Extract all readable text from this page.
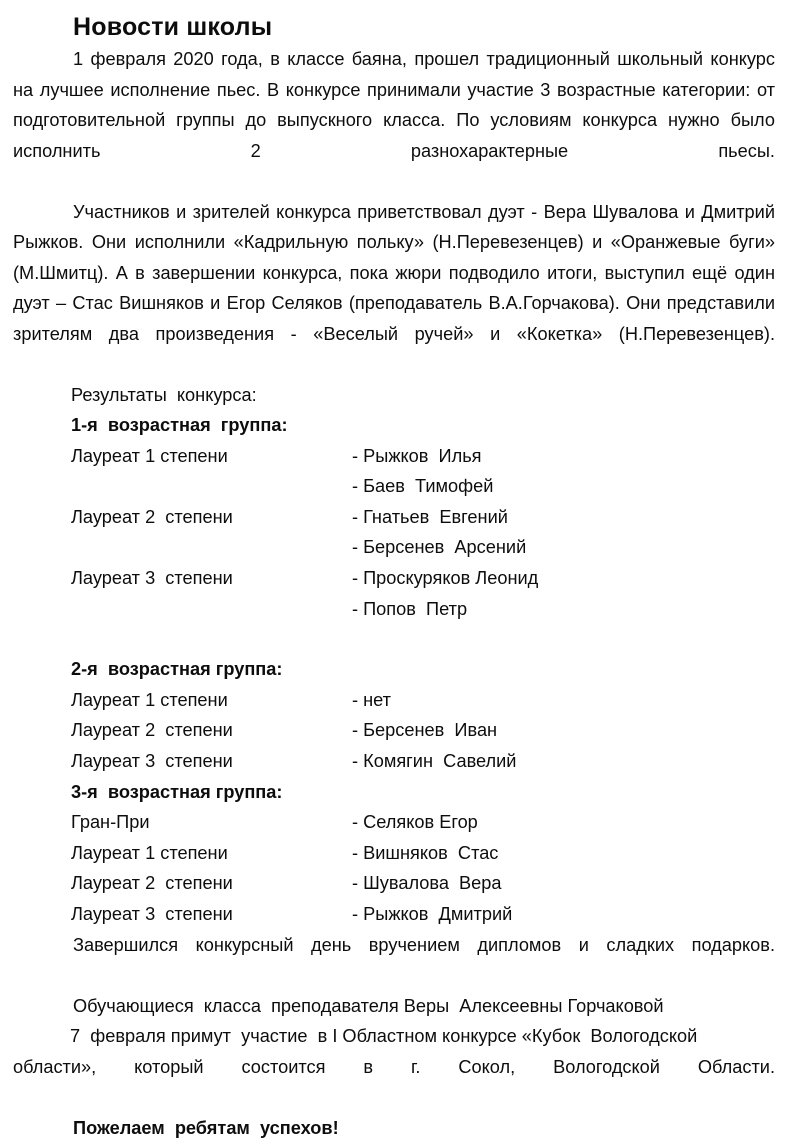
Новости школы

1 февраля 2020 года, в классе баяна, прошел традиционный школьный конкурс на лучшее исполнение пьес. В конкурсе принимали участие 3 возрастные категории: от подготовительной группы до выпускного класса. По условиям конкурса нужно было исполнить 2 разнохарактерные пьесы.

Участников и зрителей конкурса приветствовал дуэт - Вера Шувалова и Дмитрий Рыжков. Они исполнили «Кадрильную польку» (Н.Перевезенцев) и «Оранжевые буги» (М.Шмитц). А в завершении конкурса, пока жюри подводило итоги, выступил ещё один дуэт – Стас Вишняков и Егор Селяков (преподаватель В.А.Горчакова). Они представили зрителям два произведения - «Веселый ручей» и «Кокетка» (Н.Перевезенцев).

Результаты  конкурса:
1-я  возрастная  группа:
Лауреат 1 степени	- Рыжков  Илья
- Баев  Тимофей
Лауреат 2  степени	- Гнатьев  Евгений
- Берсенев  Арсений
Лауреат 3  степени	- Проскуряков Леонид
- Попов  Петр
2-я  возрастная группа:
Лауреат 1 степени	- нет
Лауреат 2  степени	- Берсенев  Иван
Лауреат 3  степени	- Комягин  Савелий
3-я  возрастная группа:
Гран-При	- Селяков Егор
Лауреат 1 степени	- Вишняков  Стас
Лауреат 2  степени	- Шувалова  Вера
Лауреат 3  степени	- Рыжков  Дмитрий

Завершился конкурсный день вручением дипломов и сладких подарков.

Обучающиеся  класса  преподавателя Веры  Алексеевны Горчаковой

7  февраля примут  участие  в I Областном конкурсе «Кубок  Вологодской

области», который состоится в г. Сокол, Вологодской Области.

Пожелаем  ребятам  успехов!
